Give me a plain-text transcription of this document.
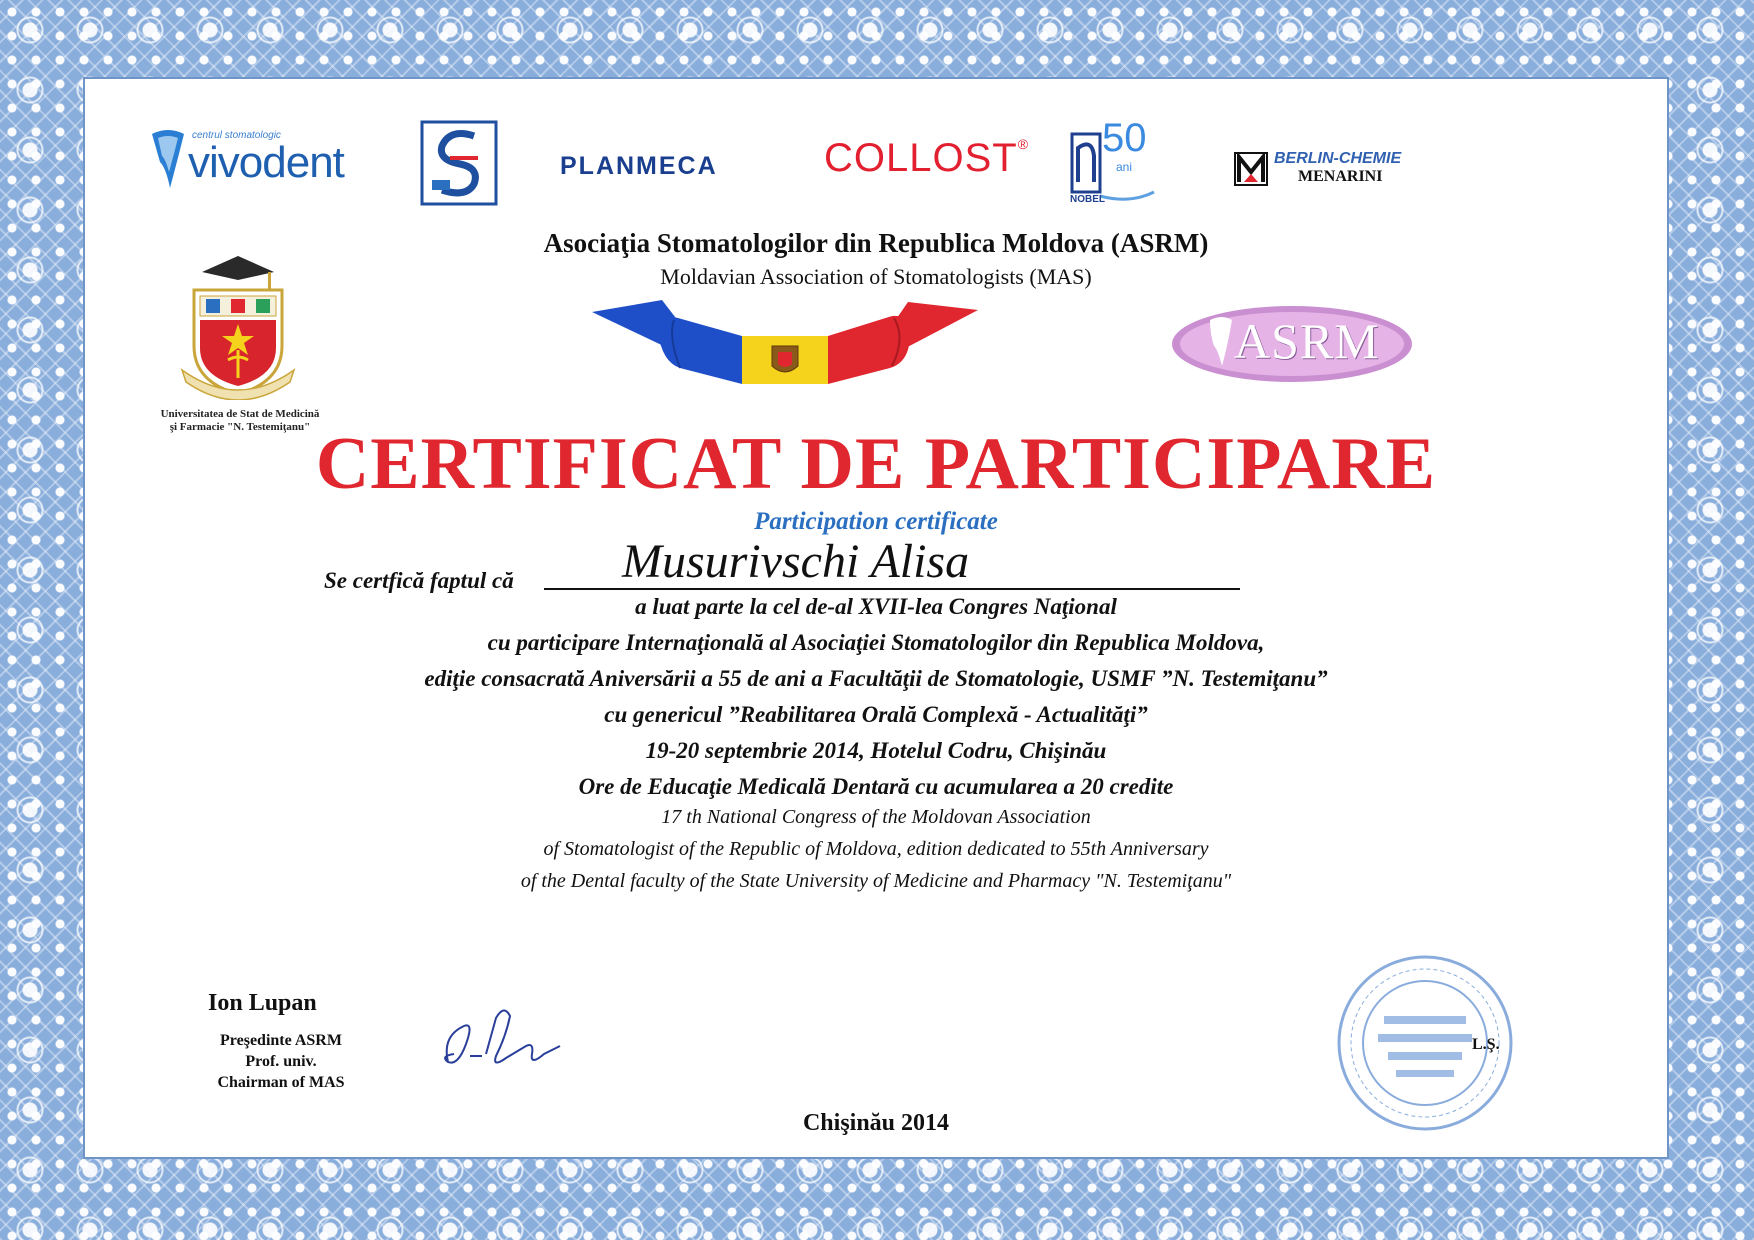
centrul stomatologic
vivodent	PLANMECA	COLLOST® 50
ani
NOBEL
BERLIN-CHEMIE
MENARINI
Asociaţia Stomatologilor din Republica Moldova (ASRM)
Moldavian Association of Stomatologists (MAS)
Universitatea de Stat de Medicină
şi Farmacie "N. Testemiţanu"
ASRM
CERTIFICAT DE PARTICIPARE
Participation certificate
Se certfică faptul că Musurivschi Alisa
a luat parte la cel de-al XVII-lea Congres Naţional
cu participare Internaţională al Asociaţiei Stomatologilor din Republica Moldova,
ediţie consacrată Aniversării a 55 de ani a Facultăţii de Stomatologie, USMF ”N. Testemiţanu”
cu genericul ”Reabilitarea Orală Complexă - Actualităţi”
19-20 septembrie 2014, Hotelul Codru, Chişinău
Ore de Educaţie Medicală Dentară cu acumularea a 20 credite
17 th National Congress of the Moldovan Association
of Stomatologist of the Republic of Moldova, edition dedicated to 55th Anniversary
of the Dental faculty of the State University of Medicine and Pharmacy "N. Testemiţanu"
Ion Lupan
Preşedinte ASRM
Prof. univ.
Chairman of MAS
Chişinău 2014
L.Ş.
